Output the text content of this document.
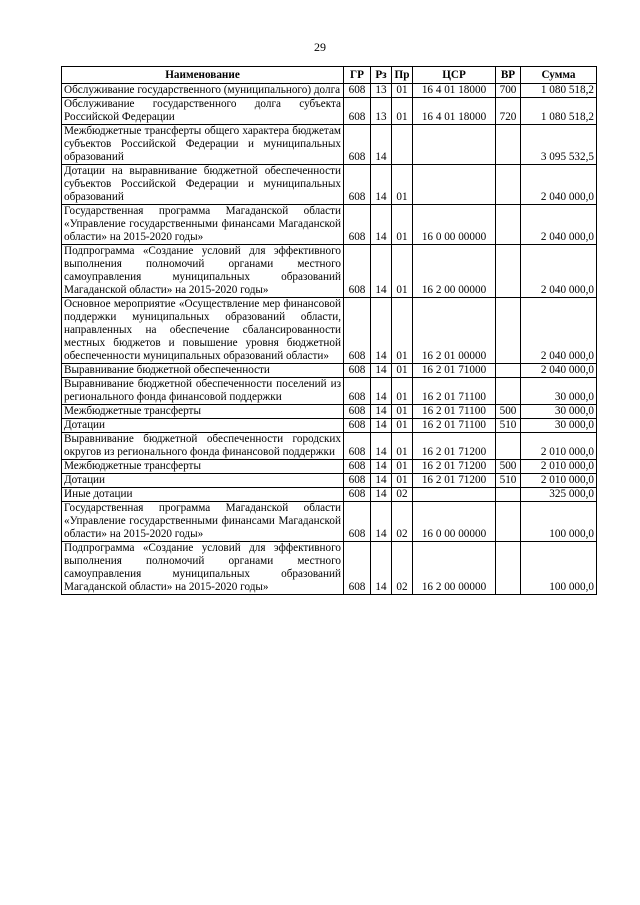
29
Наименование	ГР	Рз	Пр	ЦСР	ВР	Сумма
Обслуживание государственного (муниципального) долга	608	13	01	16 4 01 18000	700	1 080 518,2
Обслуживание государственного долга субъекта Российской Федерации	608	13	01	16 4 01 18000	720	1 080 518,2
Межбюджетные трансферты общего характера бюджетам субъектов Российской Федерации и муниципальных образований	608	14				3 095 532,5
Дотации на выравнивание бюджетной обеспеченности субъектов Российской Федерации и муниципальных образований	608	14	01			2 040 000,0
Государственная программа Магаданской области «Управление государственными финансами Магаданской области» на 2015-2020 годы»	608	14	01	16 0 00 00000		2 040 000,0
Подпрограмма «Создание условий для эффективного выполнения полномочий органами местного самоуправления муниципальных образований Магаданской области» на 2015-2020 годы»	608	14	01	16 2 00 00000		2 040 000,0
Основное мероприятие «Осуществление мер финансовой поддержки муниципальных образований области, направленных на обеспечение сбалансированности местных бюджетов и повышение уровня бюджетной обеспеченности муниципальных образований области»	608	14	01	16 2 01 00000		2 040 000,0
Выравнивание бюджетной обеспеченности	608	14	01	16 2 01 71000		2 040 000,0
Выравнивание бюджетной обеспеченности поселений из регионального фонда финансовой поддержки	608	14	01	16 2 01 71100		30 000,0
Межбюджетные трансферты	608	14	01	16 2 01 71100	500	30 000,0
Дотации	608	14	01	16 2 01 71100	510	30 000,0
Выравнивание бюджетной обеспеченности городских округов из регионального фонда финансовой поддержки	608	14	01	16 2 01 71200		2 010 000,0
Межбюджетные трансферты	608	14	01	16 2 01 71200	500	2 010 000,0
Дотации	608	14	01	16 2 01 71200	510	2 010 000,0
Иные дотации	608	14	02			325 000,0
Государственная программа Магаданской области «Управление государственными финансами Магаданской области» на 2015-2020 годы»	608	14	02	16 0 00 00000		100 000,0
Подпрограмма «Создание условий для эффективного выполнения полномочий органами местного самоуправления муниципальных образований Магаданской области» на 2015-2020 годы»	608	14	02	16 2 00 00000		100 000,0
